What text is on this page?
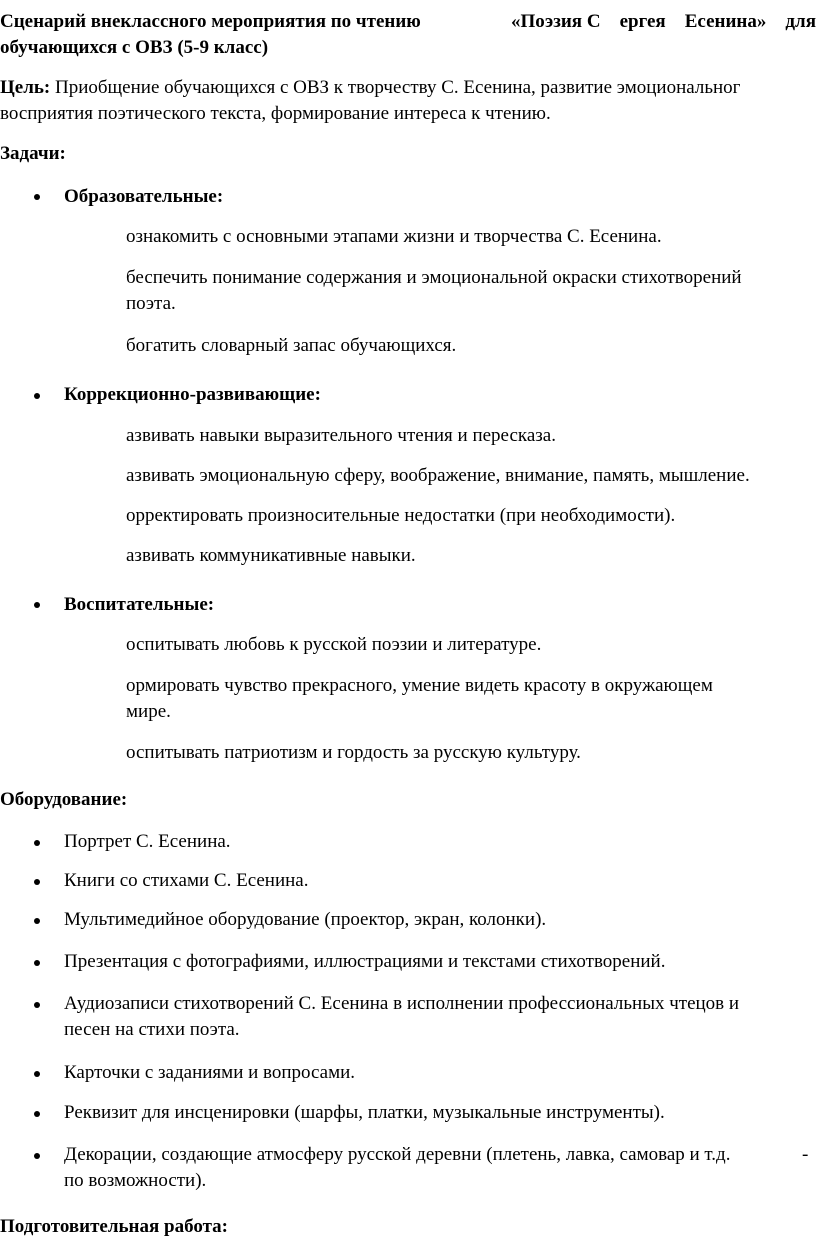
Сценарий внеклассного мероприятия по чтению	«Поэзия С ергея Есенина» для
обучающихся с ОВЗ (5-9 класс)
Цель: Приобщение обучающихся с ОВЗ к творчеству С. Есенина, развитие эмоциональног
восприятия поэтического текста, формирование интереса к чтению.
Задачи:
Образовательные:
ознакомить с основными этапами жизни и творчества С. Есенина.
беспечить понимание содержания и эмоциональной окраски стихотворений
поэта.
богатить словарный запас обучающихся.
Коррекционно-развивающие:
азвивать навыки выразительного чтения и пересказа.
азвивать эмоциональную сферу, воображение, внимание, память, мышление.
орректировать произносительные недостатки (при необходимости).
азвивать коммуникативные навыки.
Воспитательные:
оспитывать любовь к русской поэзии и литературе.
ормировать чувство прекрасного, умение видеть красоту в окружающем
мире.
оспитывать патриотизм и гордость за русскую культуру.
Оборудование:
Портрет С. Есенина.
Книги со стихами С. Есенина.
Мультимедийное оборудование (проектор, экран, колонки).
Презентация с фотографиями, иллюстрациями и текстами стихотворений.
Аудиозаписи стихотворений С. Есенина в исполнении профессиональных чтецов и
песен на стихи поэта.
Карточки с заданиями и вопросами.
Реквизит для инсценировки (шарфы, платки, музыкальные инструменты).
Декорации, создающие атмосферу русской деревни (плетень, лавка, самовар и т.д.	-
по возможности).
Подготовительная работа:
